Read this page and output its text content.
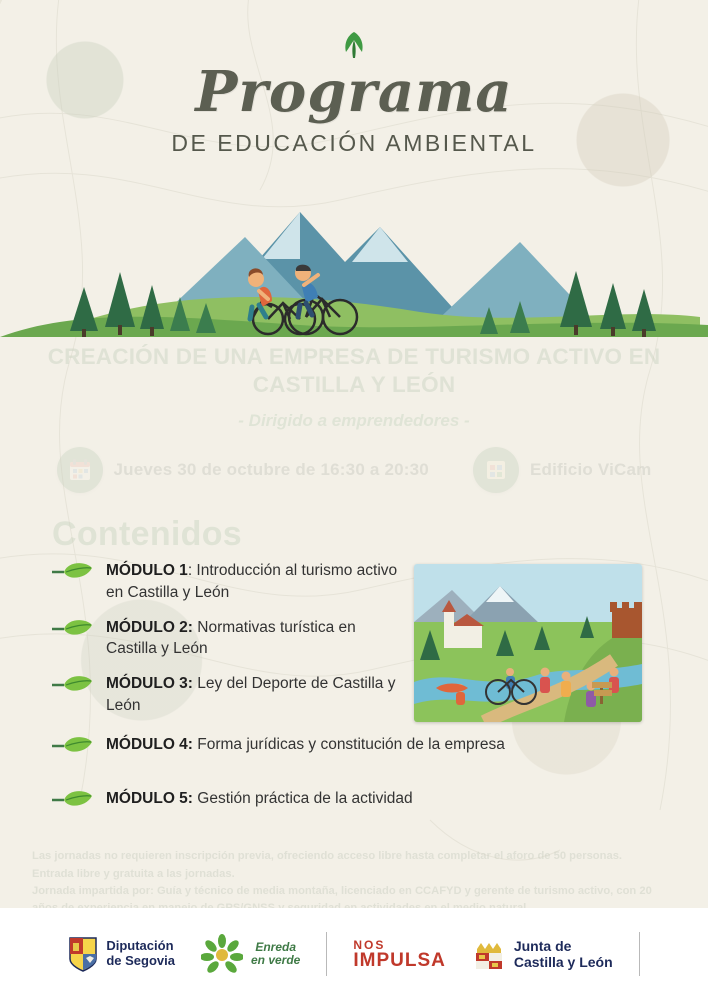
Programa
DE EDUCACIÓN AMBIENTAL
MÓDULO 1: Introducción al turismo activo en Castilla y León
MÓDULO 2: Normativas turística en Castilla y León
MÓDULO 3: Ley del Deporte de Castilla y León
MÓDULO 4: Forma jurídicas y constitución de la empresa
MÓDULO 5: Gestión práctica de la actividad
Diputación
de Segovia
Enreda
en verde
NOS
IMPULSA
Junta de
Castilla y León
